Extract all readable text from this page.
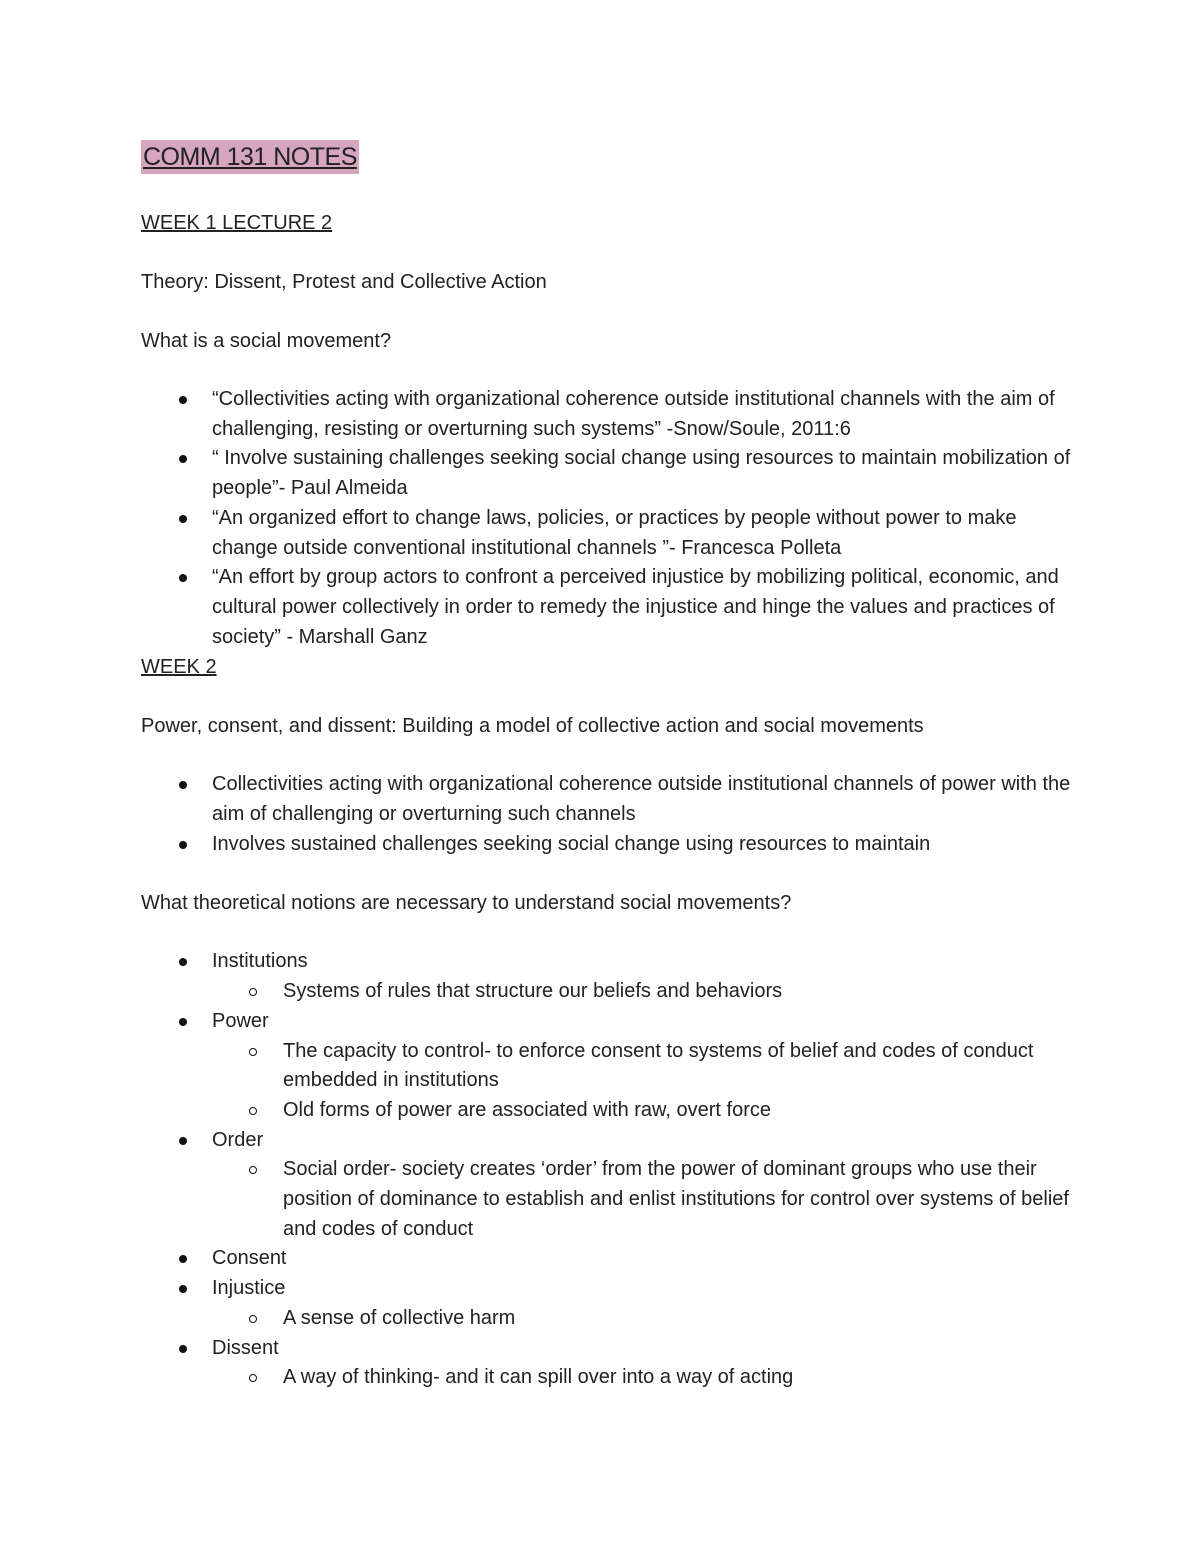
COMM 131 NOTES

WEEK 1 LECTURE 2

Theory: Dissent, Protest and Collective Action

What is a social movement?

“Collectivities acting with organizational coherence outside institutional channels with the aim of challenging, resisting or overturning such systems” -Snow/Soule, 2011:6
“ Involve sustaining challenges seeking social change using resources to maintain mobilization of people”- Paul Almeida
“An organized effort to change laws, policies, or practices by people without power to make change outside conventional institutional channels ”- Francesca Polleta
“An effort by group actors to confront a perceived injustice by mobilizing political, economic, and cultural power collectively in order to remedy the injustice and hinge the values and practices of society” - Marshall Ganz

WEEK 2

Power, consent, and dissent: Building a model of collective action and social movements

Collectivities acting with organizational coherence outside institutional channels of power with the aim of challenging or overturning such channels
Involves sustained challenges seeking social change using resources to maintain

What theoretical notions are necessary to understand social movements?

Institutions
Systems of rules that structure our beliefs and behaviors
Power
The capacity to control- to enforce consent to systems of belief and codes of conduct embedded in institutions
Old forms of power are associated with raw, overt force
Order
Social order- society creates ‘order’ from the power of dominant groups who use their position of dominance to establish and enlist institutions for control over systems of belief and codes of conduct
Consent
Injustice
A sense of collective harm
Dissent
A way of thinking- and it can spill over into a way of acting
